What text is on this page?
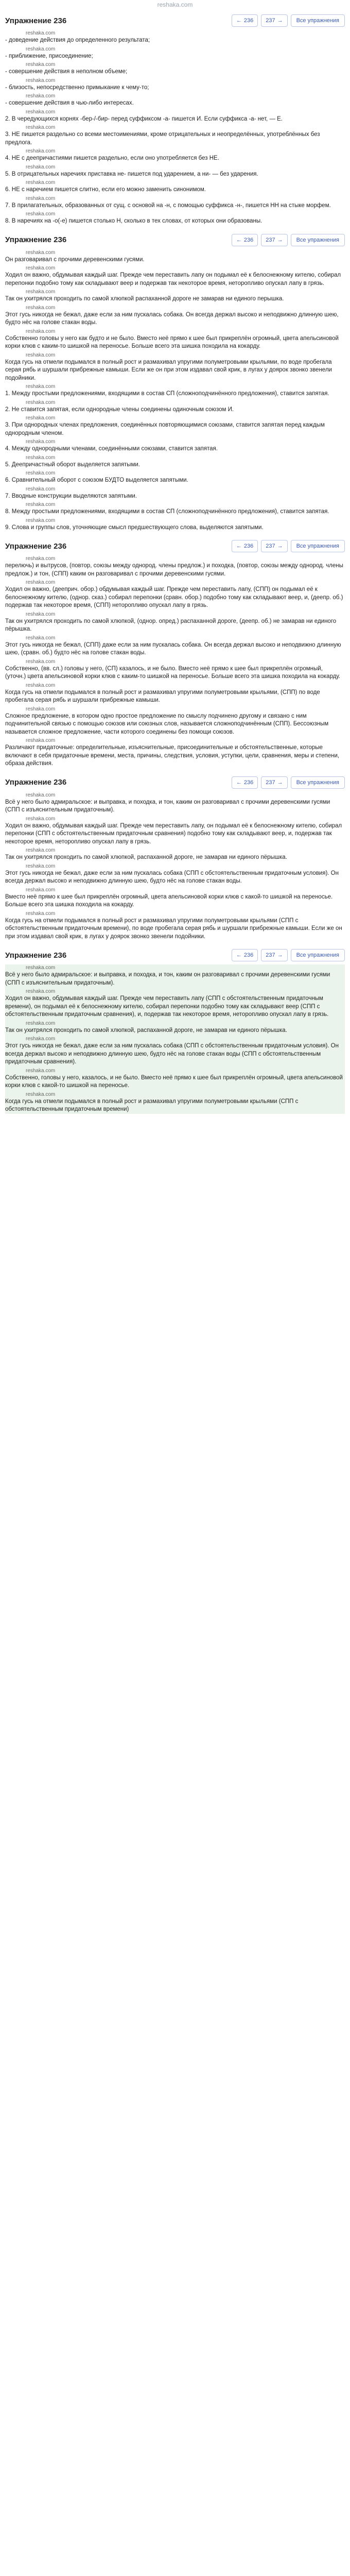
reshaka.com
Упражнение 236	← 236 237 →	Все упражнения
reshaka.com

- доведение действия до определенного результата;

reshaka.com

- приближение, присоединение;

reshaka.com

- совершение действия в неполном объеме;

reshaka.com

- близость, непосредственно примыкание к чему-то;

reshaka.com

- совершение действия в чью-либо интересах.

reshaka.com

2. В чередующихся корнях -бер-/-бир- перед суффиксом -а- пишется И. Если суффикса -а- нет, — Е.

reshaka.com

3. НЕ пишется раздельно со всеми местоимениями, кроме отрицательных и неопределённых, употреблённых без предлога.

reshaka.com

4. НЕ с деепричастиями пишется раздельно, если оно употребляется без НЕ.

reshaka.com

5. В отрицательных наречиях приставка не- пишется под ударением, а ни- — без ударения.

reshaka.com

6. НЕ с наречием пишется слитно, если его можно заменить синонимом.

reshaka.com

7. В прилагательных, образованных от сущ. с основой на -н, с помощью суффикса -н-, пишется НН на стыке морфем.

reshaka.com

8. В наречиях на -о(-е) пишется столько Н, сколько в тех словах, от которых они образованы.

Упражнение 236	← 236 237 →	Все упражнения
reshaka.com

Он разговаривал с прочими деревенскими гусями.

reshaka.com

Ходил он важно, обдумывая каждый шаг. Прежде чем переставить лапу он подымал её к белоснежному кителю, собирал перепонки подобно тому как складывают веер и подержав так некоторое время, неторопливо опускал лапу в грязь.

reshaka.com

Так он ухитрялся проходить по самой хлюпкой распаханной дороге не замарав ни единого перышка.

reshaka.com

Этот гусь никогда не бежал, даже если за ним пускалась собака. Он всегда держал высоко и неподвижно длинную шею, будто нёс на голове стакан воды.

reshaka.com

Собственно головы у него как будто и не было. Вместо неё прямо к шее был прикреплён огромный, цвета апельсиновой корки клюв с каким-то шишкой на переносье. Больше всего эта шишка походила на кокарду.

reshaka.com

Когда гусь на отмели подымался в полный рост и размахивал упругими полуметровыми крыльями, по воде пробегала серая рябь и шуршали прибрежные камыши. Если же он при этом издавал свой крик, в лугах у доярок звонко звенели подойники.

reshaka.com

1. Между простыми предложениями, входящими в состав СП (сложноподчинённого предложения), ставится запятая.

reshaka.com

2. Не ставится запятая, если однородные члены соединены одиночным союзом И.

reshaka.com

3. При однородных членах предложения, соединённых повторяющимися союзами, ставится запятая перед каждым однородным членом.

reshaka.com

4. Между однородными членами, соединёнными союзами, ставится запятая.

reshaka.com

5. Деепричастный оборот выделяется запятыми.

reshaka.com

6. Сравнительный оборот с союзом БУДТО выделяется запятыми.

reshaka.com

7. Вводные конструкции выделяются запятыми.

reshaka.com

8. Между простыми предложениями, входящими в состав СП (сложноподчинённого предложения), ставится запятая.

reshaka.com

9. Слова и группы слов, уточняющие смысл предшествующего слова, выделяются запятыми.

Упражнение 236	← 236 237 →	Все упражнения
reshaka.com

перелючь) и вытрусов, (повтор, союзы между однород. члены предлож.) и походка, (повтор, союзы между однород. члены предлож.) и тон, (СПП) каким он разговаривал с прочими деревенскими гусями.

reshaka.com

Ходил он важно, (дееприч. обор.) обдумывая каждый шаг. Прежде чем переставить лапу, (СПП) он подымал её к белоснежному кителю, (однор. сказ.) собирал перепонки (сравн. обор.) подобно тому как складывают веер, и, (деепр. об.) подержав так некоторое время, (СПП) неторопливо опускал лапу в грязь.

reshaka.com

Так он ухитрялся проходить по самой хлюпкой, (однор. опред.) распаханной дороге, (деепр. об.) не замарав ни единого пёрышка.

reshaka.com

Этот гусь никогда не бежал, (СПП) даже если за ним пускалась собака. Он всегда держал высоко и неподвижно длинную шею, (сравн. об.) будто нёс на голове стакан воды.

reshaka.com

Собственно, (вв. сл.) головы у него, (СП) казалось, и не было. Вместо неё прямо к шее был прикреплён огромный, (уточн.) цвета апельсиновой корки клюв с каким-то шишкой на переносье. Больше всего эта шишка походила на кокарду.

reshaka.com

Когда гусь на отмели подымался в полный рост и размахивал упругими полуметровыми крыльями, (СПП) по воде пробегала серая рябь и шуршали прибрежные камыши.

reshaka.com

Сложное предложение, в котором одно простое предложение по смыслу подчинено другому и связано с ним подчинительной связью с помощью союзов или союзных слов, называется сложноподчинённым (СПП). Бессоюзным называется сложное предложение, части которого соединены без помощи союзов.

reshaka.com

Различают придаточные: определительные, изъяснительные, присоединительные и обстоятельственные, которые включают в себя придаточные времени, места, причины, следствия, условия, уступки, цели, сравнения, меры и степени, образа действия.

Упражнение 236	← 236 237 →	Все упражнения
reshaka.com

Всё у него было адмиральское: и выправка, и походка, и тон, каким он разговаривал с прочими деревенскими гусями (СПП с изъяснительным придаточным).

reshaka.com

Ходил он важно, обдумывая каждый шаг. Прежде чем переставить лапу, он подымал её к белоснежному кителю, собирал перепонки (СПП с обстоятельственным придаточным сравнения) подобно тому как складывают веер, и, подержав так некоторое время, неторопливо опускал лапу в грязь.

reshaka.com

Так он ухитрялся проходить по самой хлюпкой, распаханной дороге, не замарав ни единого пёрышка.

reshaka.com

Этот гусь никогда не бежал, даже если за ним пускалась собака (СПП с обстоятельственным придаточным условия). Он всегда держал высоко и неподвижно длинную шею, будто нёс на голове стакан воды.

reshaka.com

Вместо неё прямо к шее был прикреплён огромный, цвета апельсиновой корки клюв с какой-то шишкой на переносье. Больше всего эта шишка походила на кокарду.

reshaka.com

Когда гусь на отмели подымался в полный рост и размахивал упругими полуметровыми крыльями (СПП с обстоятельственным придаточным времени), по воде пробегала серая рябь и шуршали прибрежные камыши. Если же он при этом издавал свой крик, в лугах у доярок звонко звенели подойники.

Упражнение 236	← 236 237 →	Все упражнения
reshaka.com

Всё у него было адмиральское: и выправка, и походка, и тон, каким он разговаривал с прочими деревенскими гусями (СПП с изъяснительным придаточным).

reshaka.com

Ходил он важно, обдумывая каждый шаг. Прежде чем переставить лапу (СПП с обстоятельственным придаточным времени), он подымал её к белоснежному кителю, собирал перепонки подобно тому как складывают веер (СПП с обстоятельственным придаточным сравнения), и, подержав так некоторое время, неторопливо опускал лапу в грязь.

reshaka.com

Так он ухитрялся проходить по самой хлюпкой, распаханной дороге, не замарав ни единого пёрышка.

reshaka.com

Этот гусь никогда не бежал, даже если за ним пускалась собака (СПП с обстоятельственным придаточным условия). Он всегда держал высоко и неподвижно длинную шею, будто нёс на голове стакан воды (СПП с обстоятельственным придаточным сравнения).

reshaka.com

Собственно, головы у него, казалось, и не было. Вместо неё прямо к шее был прикреплён огромный, цвета апельсиновой корки клюв с какой-то шишкой на переносье.

reshaka.com

Когда гусь на отмели подымался в полный рост и размахивал упругими полуметровыми крыльями (СПП с обстоятельственным придаточным времени)
